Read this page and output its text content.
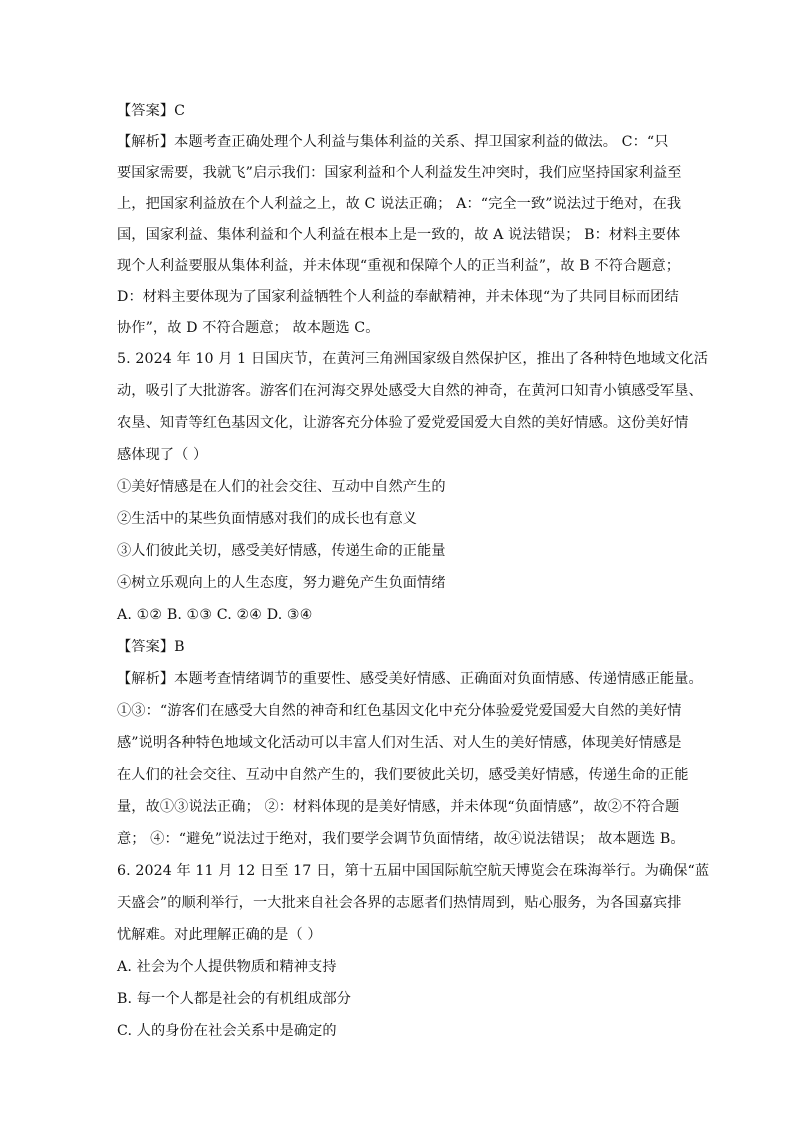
【答案】C
【解析】本题考查正确处理个人利益与集体利益的关系、捍卫国家利益的做法。 C：“只
要国家需要，我就飞”启示我们：国家利益和个人利益发生冲突时，我们应坚持国家利益至
上，把国家利益放在个人利益之上，故 C 说法正确； A：“完全一致”说法过于绝对，在我
国，国家利益、集体利益和个人利益在根本上是一致的，故 A 说法错误； B：材料主要体
现个人利益要服从集体利益，并未体现“重视和保障个人的正当利益”，故 B 不符合题意；
D：材料主要体现为了国家利益牺牲个人利益的奉献精神，并未体现“为了共同目标而团结
协作”，故 D 不符合题意； 故本题选 C。
5. 2024 年 10 月 1 日国庆节，在黄河三角洲国家级自然保护区，推出了各种特色地域文化活
动，吸引了大批游客。游客们在河海交界处感受大自然的神奇，在黄河口知青小镇感受军垦、
农垦、知青等红色基因文化，让游客充分体验了爱党爱国爱大自然的美好情感。这份美好情
感体现了（ ）
①美好情感是在人们的社会交往、互动中自然产生的
②生活中的某些负面情感对我们的成长也有意义
③人们彼此关切，感受美好情感，传递生命的正能量
④树立乐观向上的人生态度，努力避免产生负面情绪
A. ①② B. ①③ C. ②④ D. ③④
【答案】B
【解析】本题考查情绪调节的重要性、感受美好情感、正确面对负面情感、传递情感正能量。
①③：“游客们在感受大自然的神奇和红色基因文化中充分体验爱党爱国爱大自然的美好情
感”说明各种特色地域文化活动可以丰富人们对生活、对人生的美好情感，体现美好情感是
在人们的社会交往、互动中自然产生的，我们要彼此关切，感受美好情感，传递生命的正能
量，故①③说法正确； ②：材料体现的是美好情感，并未体现“负面情感”，故②不符合题
意； ④：“避免”说法过于绝对，我们要学会调节负面情绪，故④说法错误； 故本题选 B。
6. 2024 年 11 月 12 日至 17 日，第十五届中国国际航空航天博览会在珠海举行。为确保“蓝
天盛会”的顺利举行，一大批来自社会各界的志愿者们热情周到，贴心服务，为各国嘉宾排
忧解难。对此理解正确的是（ ）
A. 社会为个人提供物质和精神支持
B. 每一个人都是社会的有机组成部分
C. 人的身份在社会关系中是确定的
